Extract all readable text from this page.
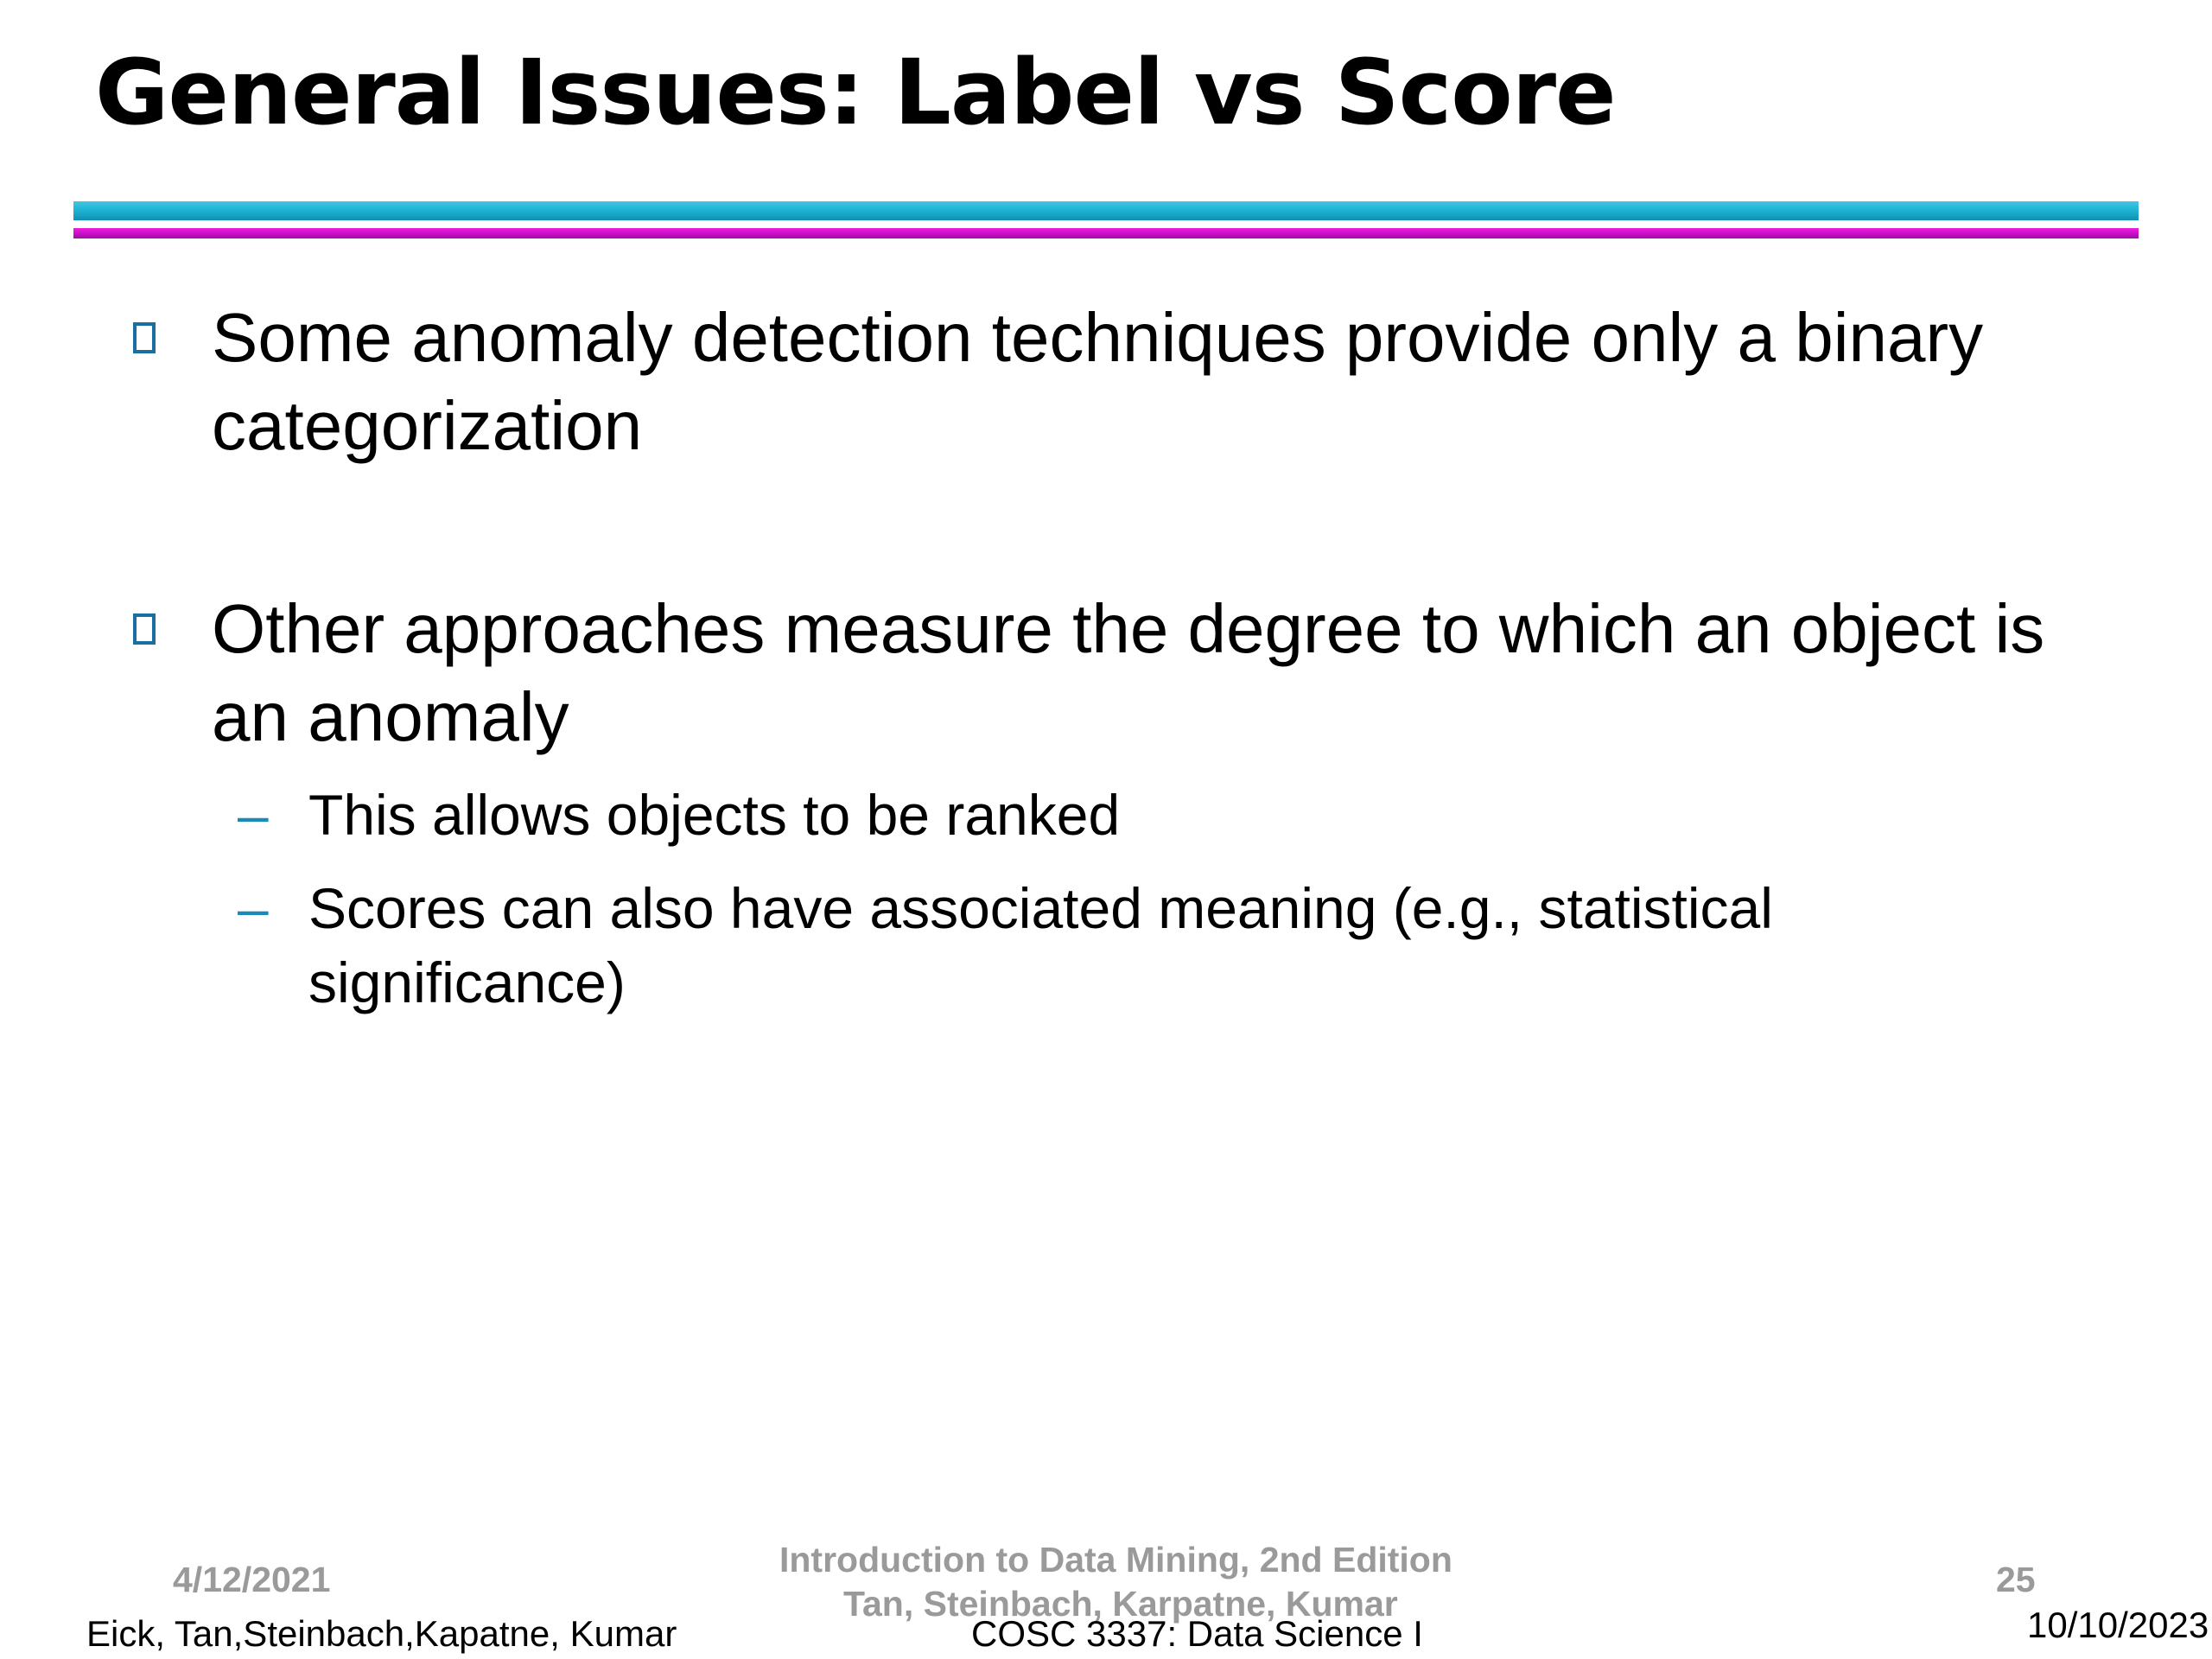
General Issues: Label vs Score
Some anomaly detection techniques provide only a binary categorization
Other approaches measure the degree to which an object is an anomaly
– This allows objects to be ranked
– Scores can also have associated meaning (e.g., statistical significance)
4/12/2021	Introduction to Data Mining, 2nd Edition
Tan, Steinbach, Karpatne, Kumar
25
Eick, Tan,Steinbach,Kapatne, Kumar	COSC 3337: Data Science I	10/10/2023
